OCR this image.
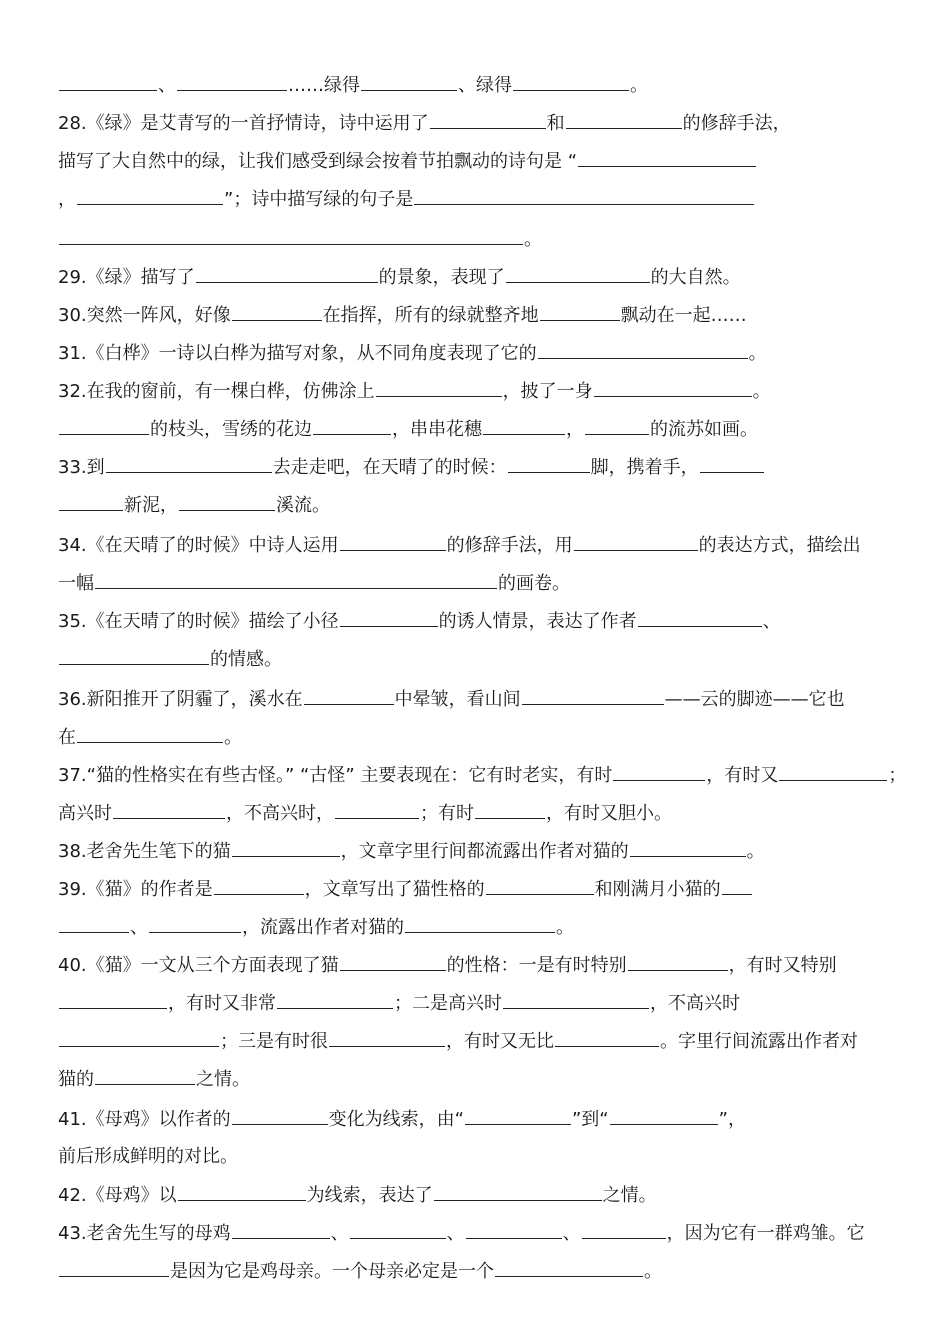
、	……绿得	、绿得	。
28.《绿》是艾青写的一首抒情诗，诗中运用了	和	的修辞手法，
描写了大自然中的绿，让我们感受到绿会按着节拍飘动的诗句是 “
，	”；诗中描写绿的句子是
。
29.《绿》描写了	的景象，表现了	的大自然。
30.突然一阵风，好像	在指挥，所有的绿就整齐地	飘动在一起……
31.《白桦》一诗以白桦为描写对象，从不同角度表现了它的	。
32.在我的窗前，有一棵白桦，仿佛涂上	，披了一身	。
的枝头，雪绣的花边	，串串花穗	，	的流苏如画。
33.到	去走走吧，在天晴了的时候：	脚，携着手，
新泥，	溪流。
34.《在天晴了的时候》中诗人运用	的修辞手法，用	的表达方式，描绘出
一幅	的画卷。
35.《在天晴了的时候》描绘了小径	的诱人情景，表达了作者	、
的情感。
36.新阳推开了阴霾了，溪水在	中晕皱，看山间	——云的脚迹——它也
在	。
37.“猫的性格实在有些古怪。” “古怪” 主要表现在：它有时老实，有时	，有时又	；
高兴时	，不高兴时，	；有时	，有时又胆小。
38.老舍先生笔下的猫	，文章字里行间都流露出作者对猫的	。
39.《猫》的作者是	，文章写出了猫性格的	和刚满月小猫的
、	，流露出作者对猫的	。
40.《猫》一文从三个方面表现了猫	的性格：一是有时特别	，有时又特别
，有时又非常	；二是高兴时	，不高兴时
；三是有时很	，有时又无比	。字里行间流露出作者对
猫的	之情。
41.《母鸡》以作者的	变化为线索，由“	”到“	”，
前后形成鲜明的对比。
42.《母鸡》以	为线索，表达了	之情。
43.老舍先生写的母鸡	、	、	、	，因为它有一群鸡雏。它
是因为它是鸡母亲。一个母亲必定是一个	。
